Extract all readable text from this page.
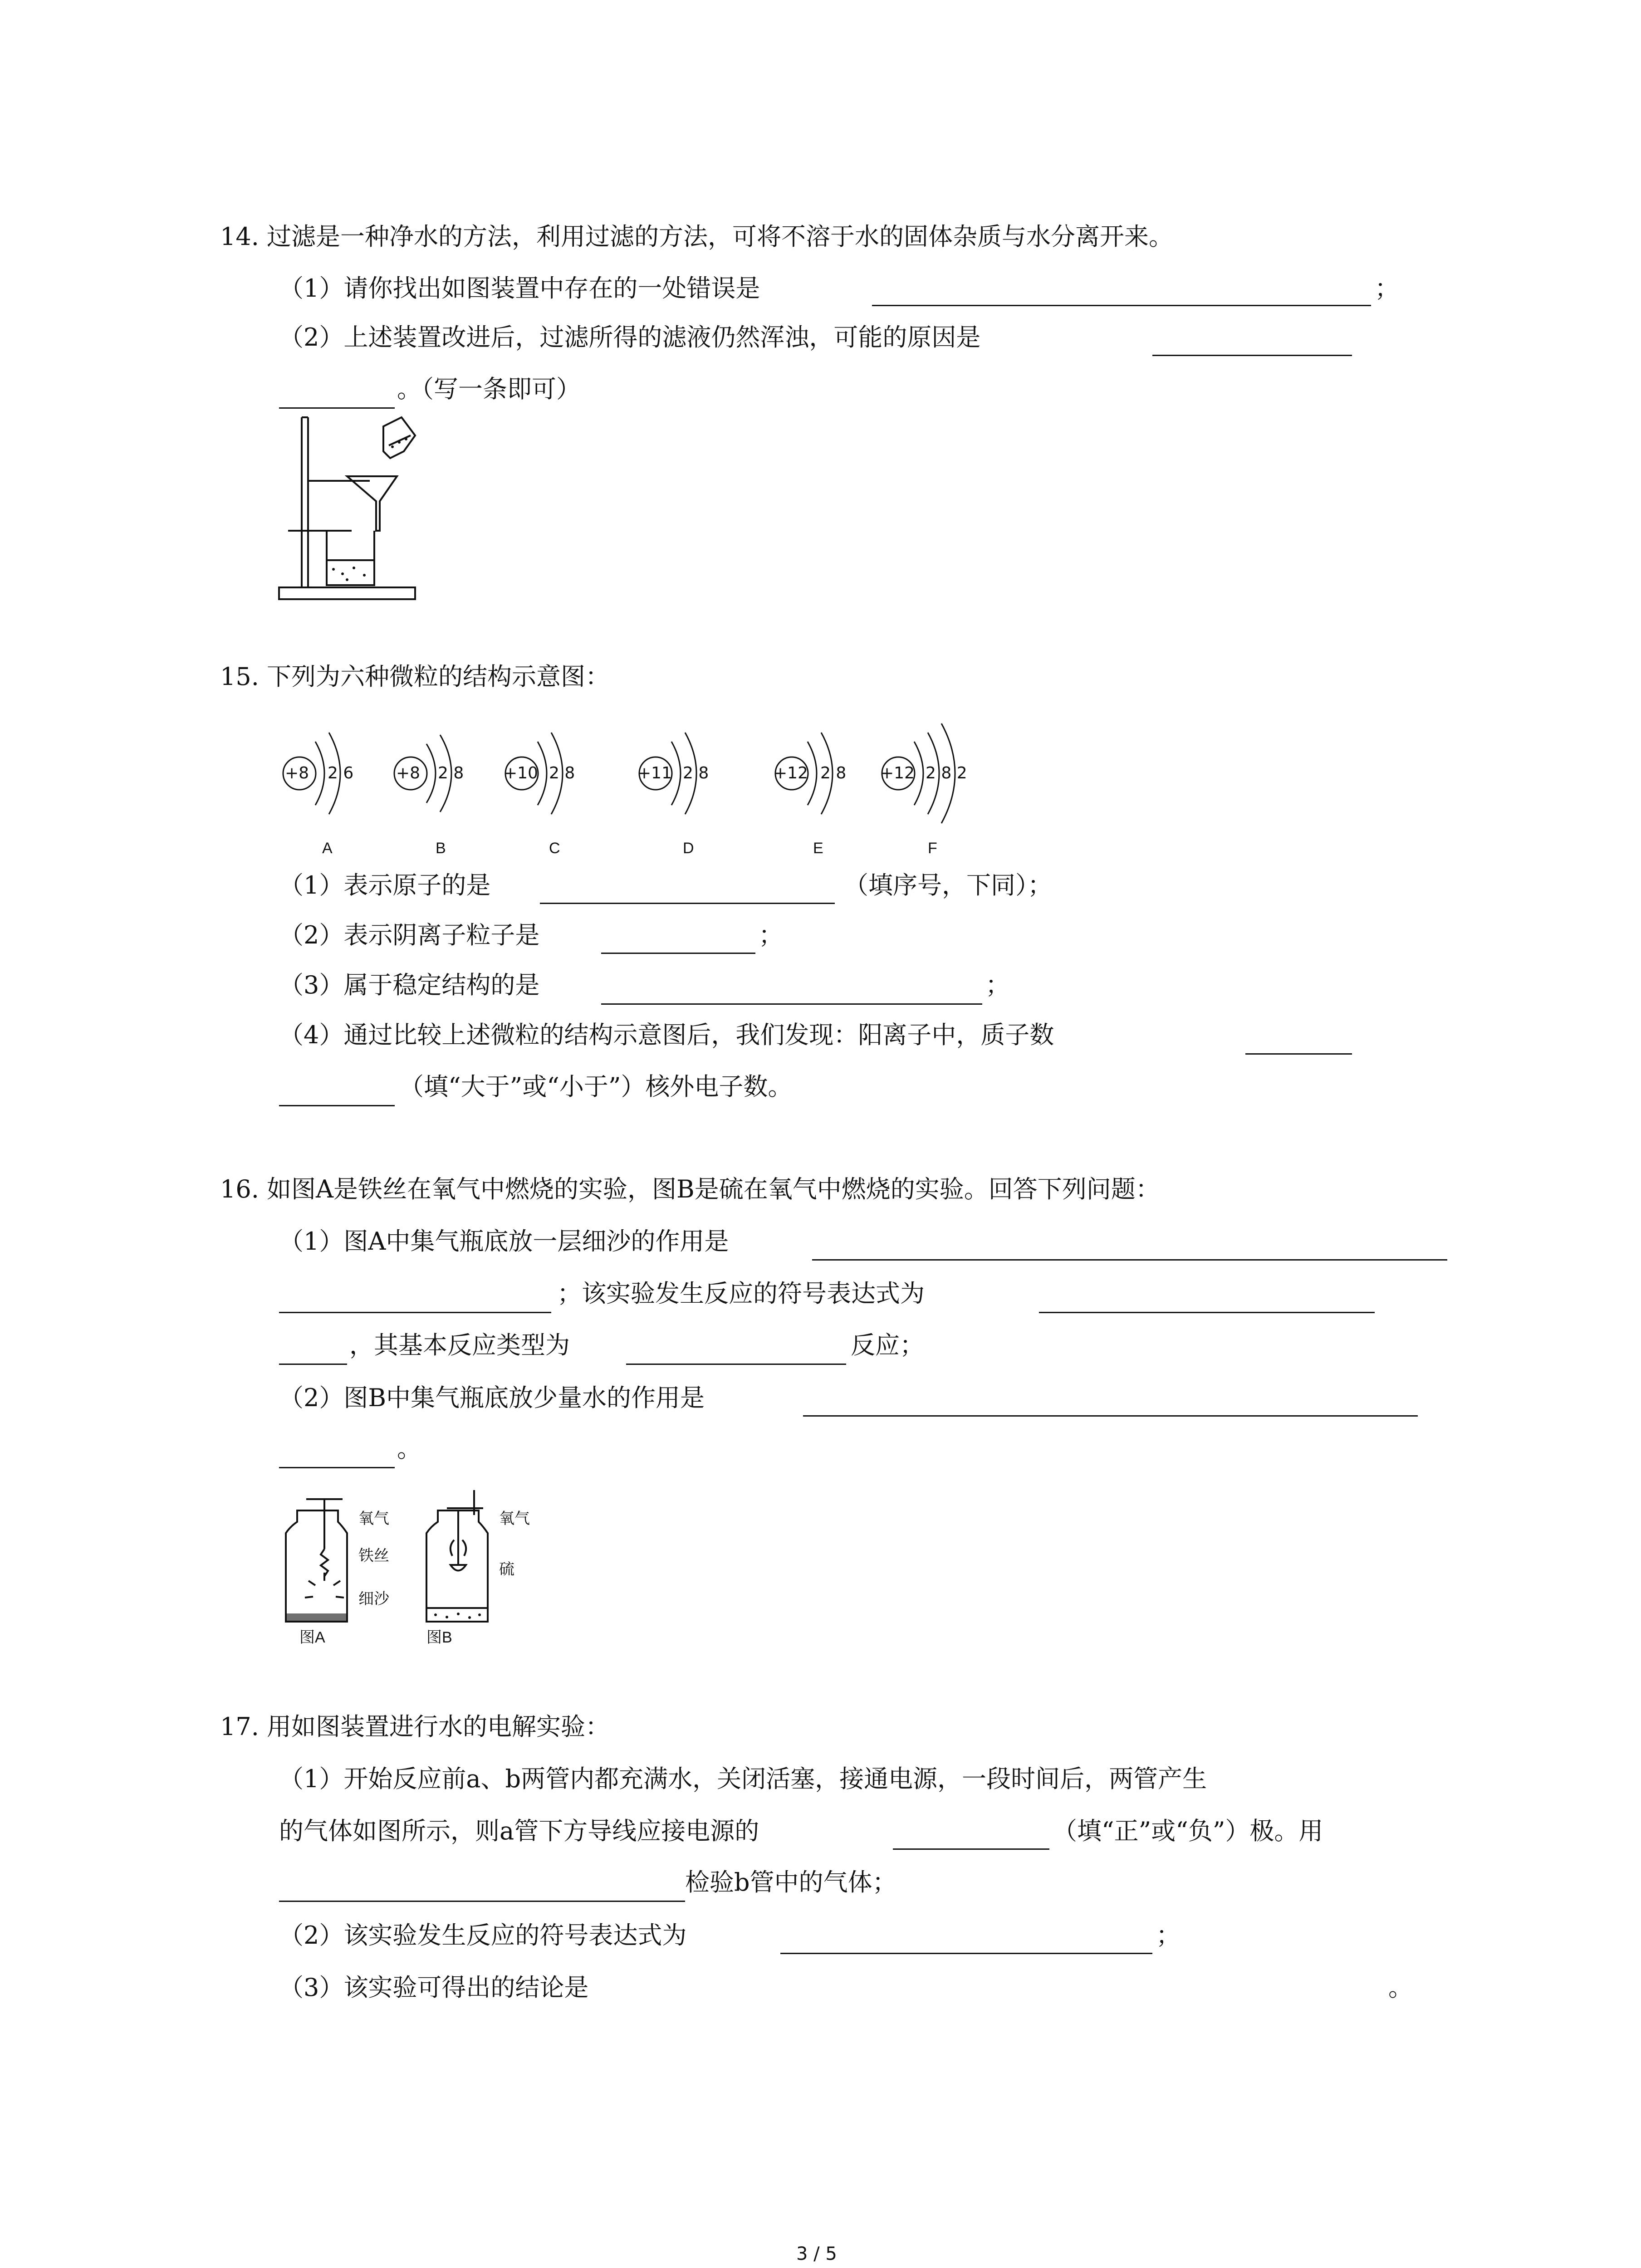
14. 过滤是一种净水的方法，利用过滤的方法，可将不溶于水的固体杂质与水分离开来。
（1）请你找出如图装置中存在的一处错误是	；
（2）上述装置改进后，过滤所得的滤液仍然浑浊，可能的原因是
。（写一条即可）
15. 下列为六种微粒的结构示意图：
+8 2 6	+8 2 8 +10 2 8	+11 2 8	+12 2 8 +12 2 8 2
A	B	C	D	E	F
（1）表示原子的是	（填序号，下同）；
（2）表示阴离子粒子是	；
（3）属于稳定结构的是	；
（4）通过比较上述微粒的结构示意图后，我们发现：阳离子中，质子数
（填“大于”或“小于”）核外电子数。
16. 如图A是铁丝在氧气中燃烧的实验，图B是硫在氧气中燃烧的实验。回答下列问题：
（1）图A中集气瓶底放一层细沙的作用是
；该实验发生反应的符号表达式为
，其基本反应类型为	反应；
（2）图B中集气瓶底放少量水的作用是
。
氧气
铁丝
细沙
图A
氧气
硫
图B
17. 用如图装置进行水的电解实验：
（1）开始反应前a、b两管内都充满水，关闭活塞，接通电源，一段时间后，两管产生
的气体如图所示，则a管下方导线应接电源的	（填“正”或“负”）极。用
检验b管中的气体；
（2）该实验发生反应的符号表达式为	；
（3）该实验可得出的结论是	。
3 / 5
